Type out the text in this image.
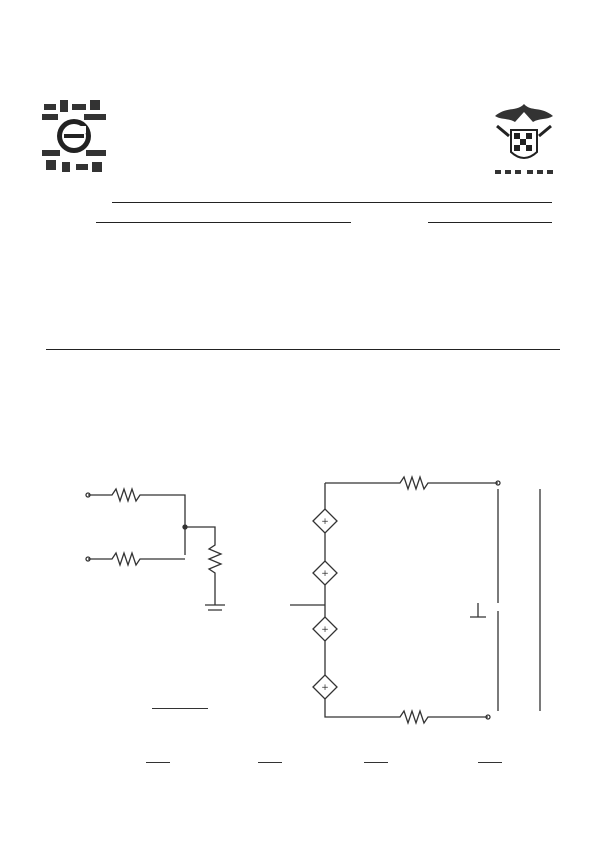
+
+
+
+
